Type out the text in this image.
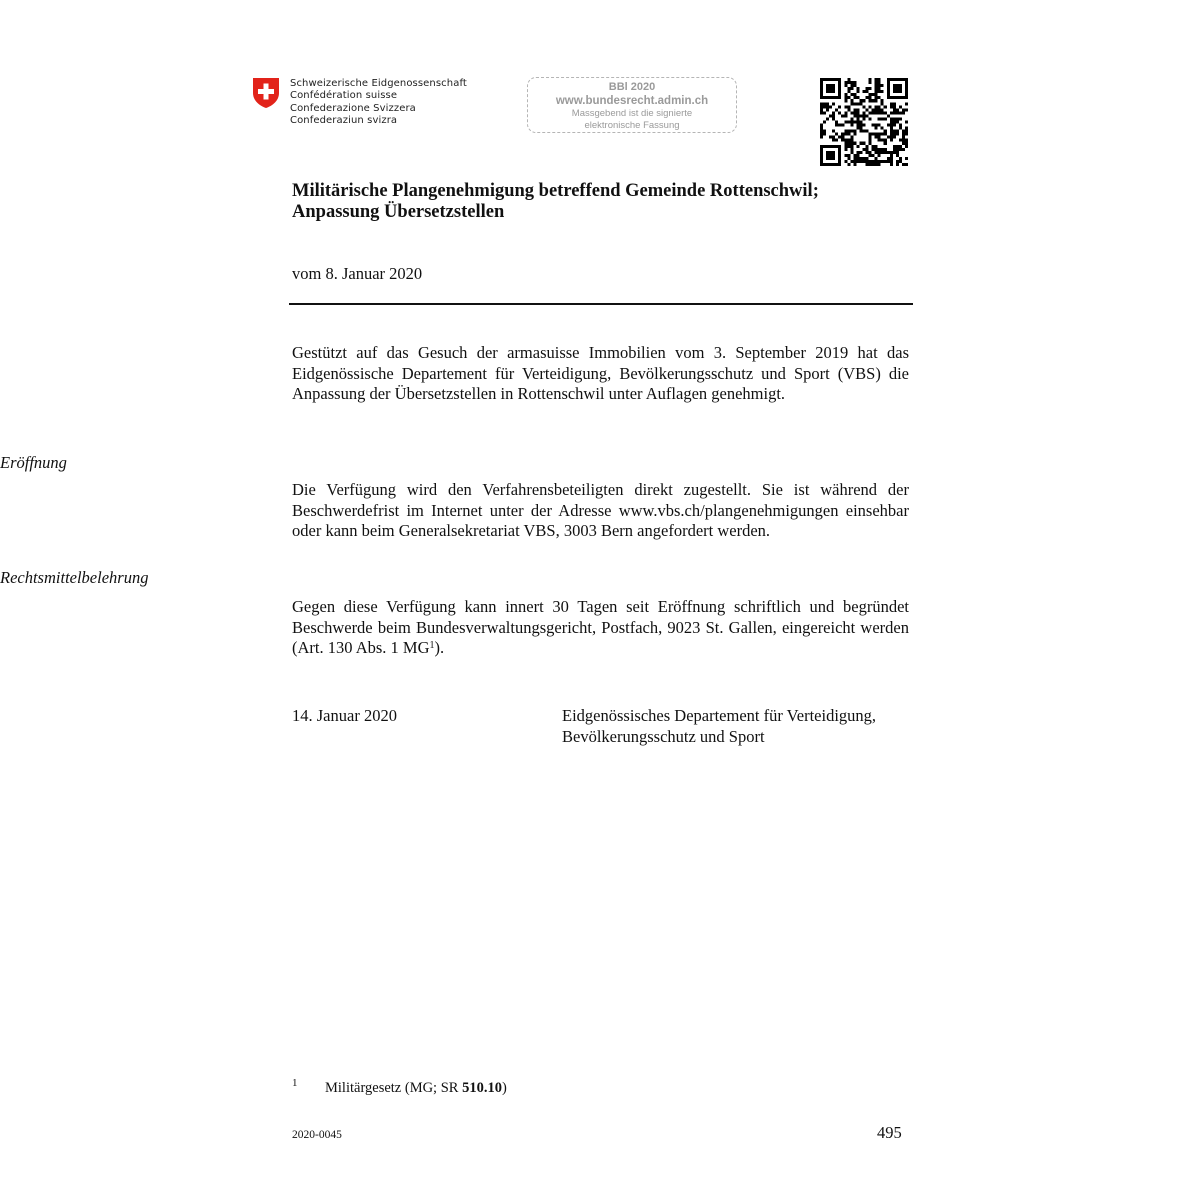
Schweizerische Eidgenossenschaft
Confédération suisse
Confederazione Svizzera
Confederaziun svizra
BBl 2020
www.bundesrecht.admin.ch
Massgebend ist die signierte
elektronische Fassung
Militärische Plangenehmigung betreffend Gemeinde Rottenschwil;
Anpassung Übersetzstellen
vom 8. Januar 2020
Gestützt auf das Gesuch der armasuisse Immobilien vom 3. September 2019 hat das Eidgenössische Departement für Verteidigung, Bevölkerungsschutz und Sport (VBS) die Anpassung der Übersetzstellen in Rottenschwil unter Auflagen genehmigt.
Eröffnung
Die Verfügung wird den Verfahrensbeteiligten direkt zugestellt. Sie ist während der Beschwerdefrist im Internet unter der Adresse www.vbs.ch/plangenehmigungen einsehbar oder kann beim Generalsekretariat VBS, 3003 Bern angefordert werden.
Rechtsmittelbelehrung
Gegen diese Verfügung kann innert 30 Tagen seit Eröffnung schriftlich und begründet Beschwerde beim Bundesverwaltungsgericht, Postfach, 9023 St. Gallen, eingereicht werden (Art. 130 Abs. 1 $MG^1$).
14. Januar 2020	Eidgenössisches Departement für Verteidigung,
Bevölkerungsschutz und Sport
1 Militärgesetz (MG; SR 510.10)
2020-0045	495
